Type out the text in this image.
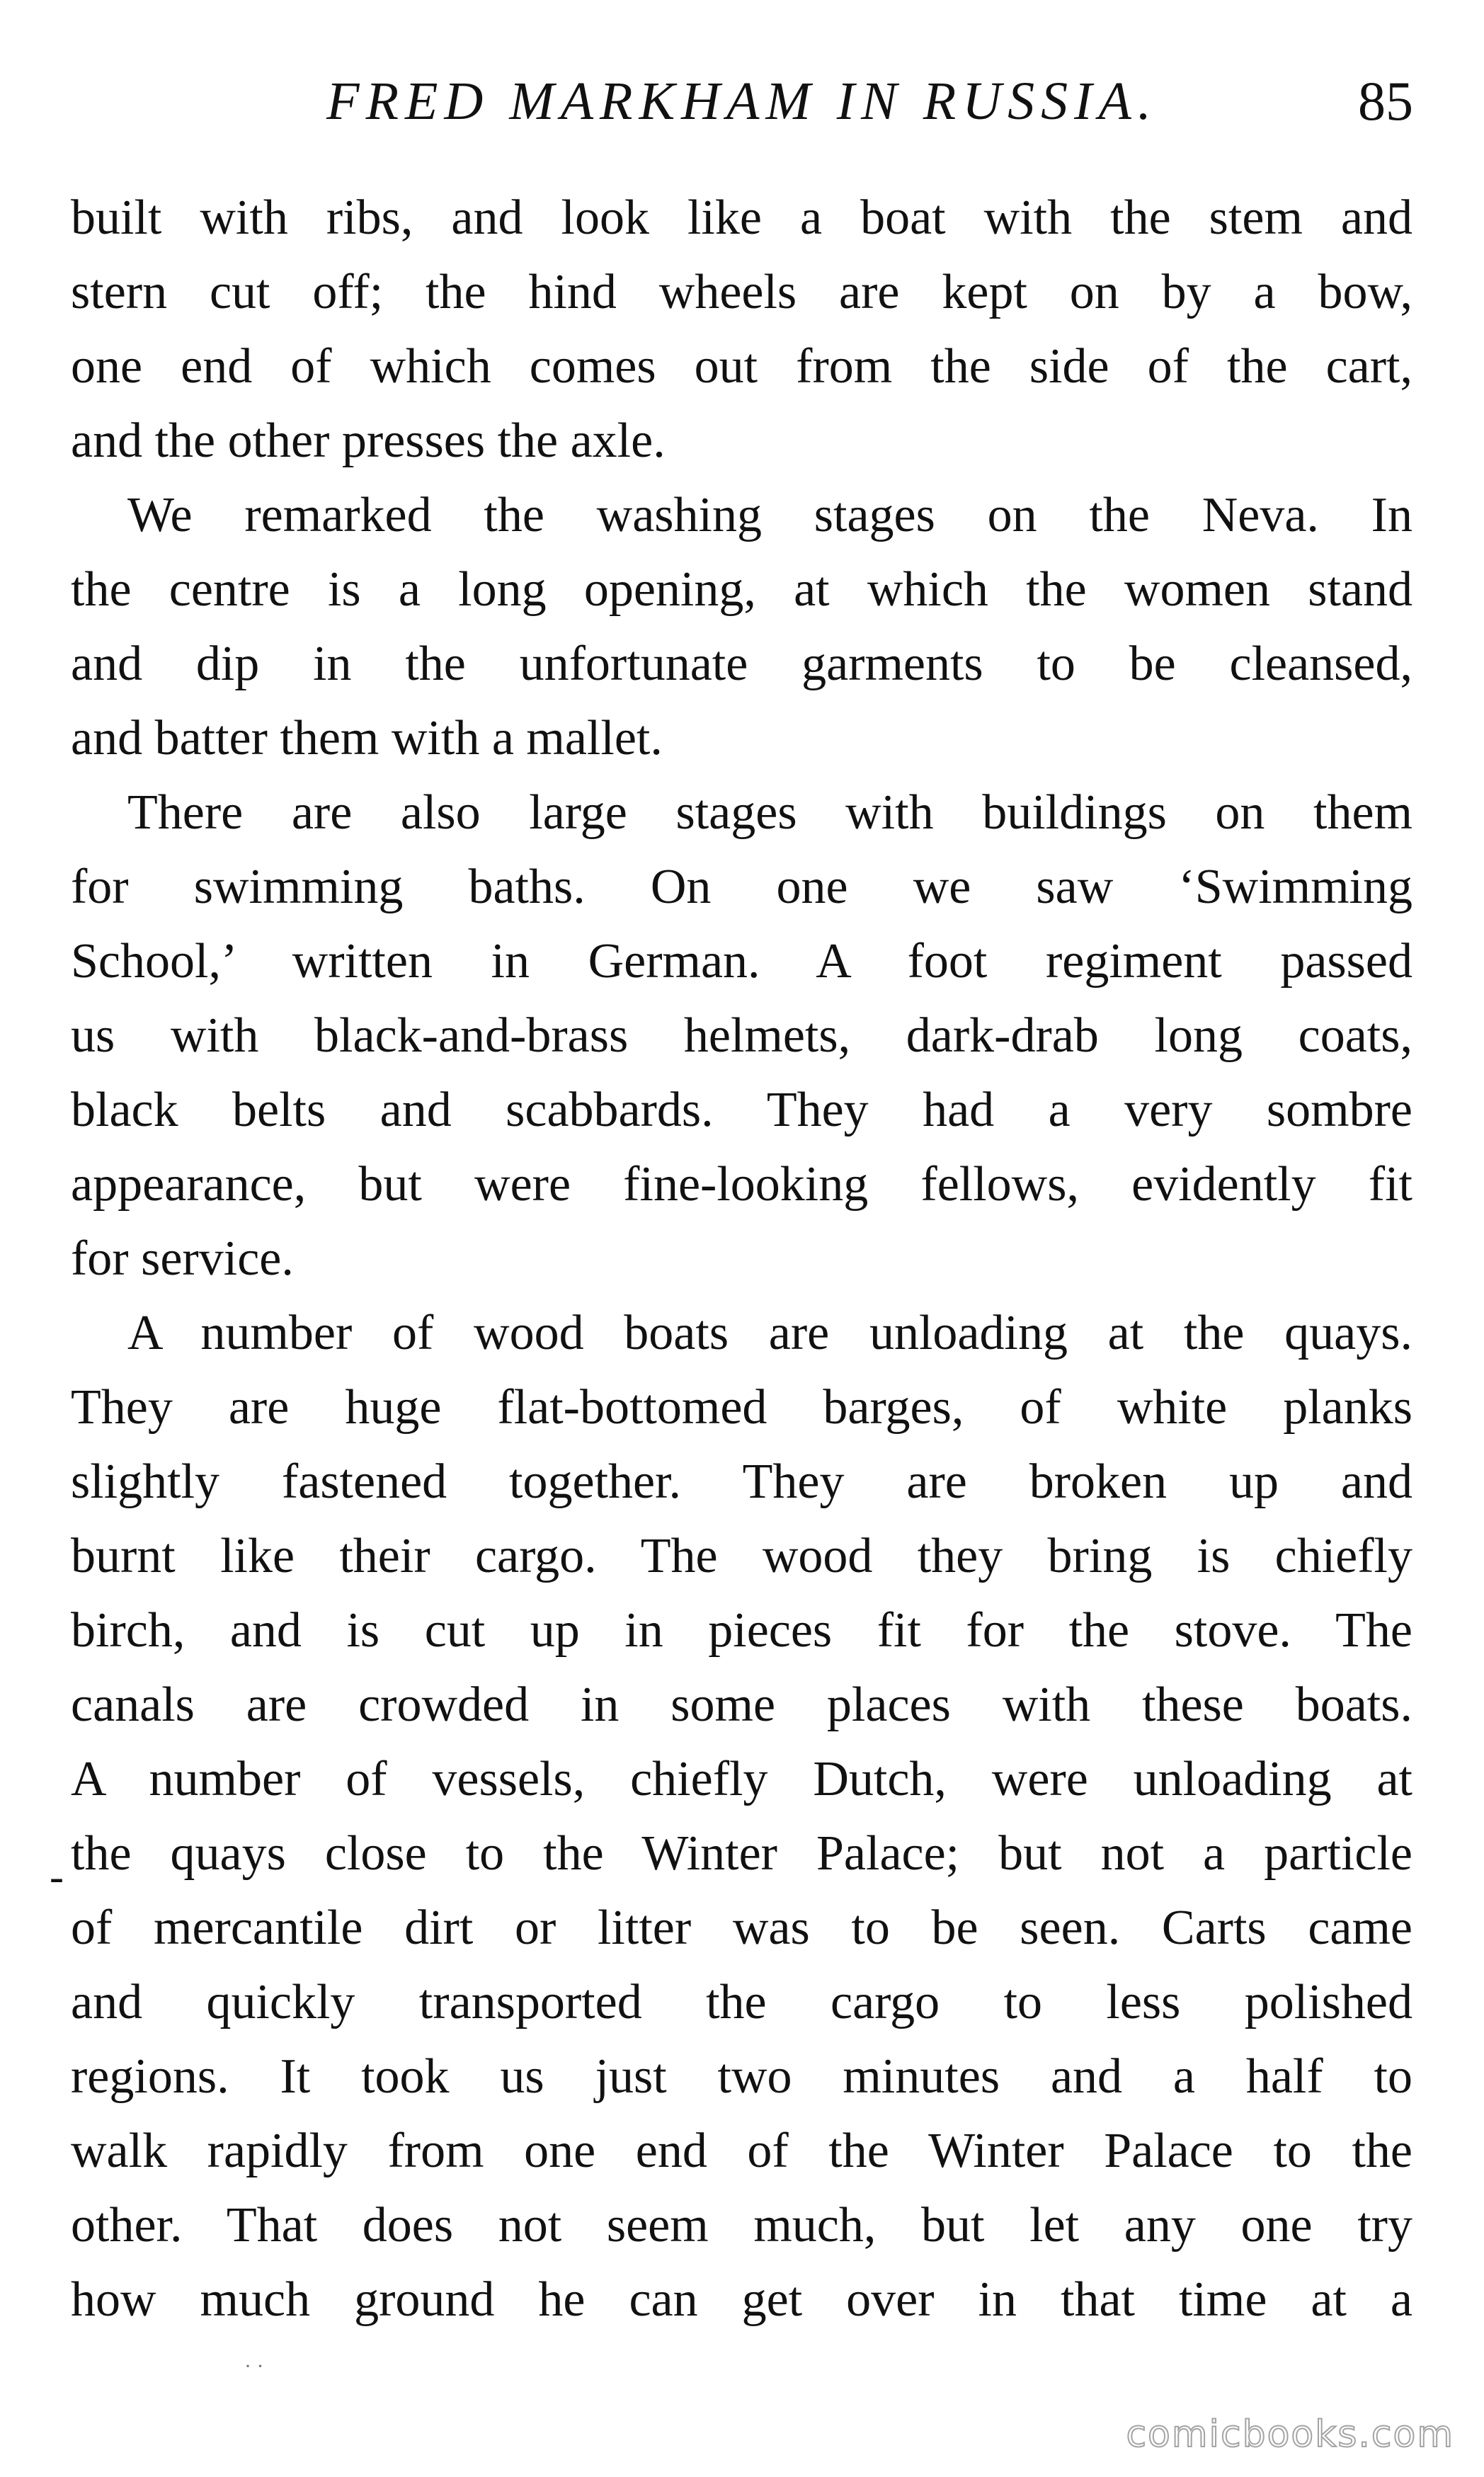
FRED MARKHAM IN RUSSIA.	85
built with ribs, and look like a boat with the stem and
stern cut off; the hind wheels are kept on by a bow,
one end of which comes out from the side of the cart,
and the other presses the axle.
We remarked the washing stages on the Neva. In
the centre is a long opening, at which the women stand
and dip in the unfortunate garments to be cleansed,
and batter them with a mallet.
There are also large stages with buildings on them
for swimming baths. On one we saw ‘Swimming
School,’ written in German. A foot regiment passed
us with black-and-brass helmets, dark-drab long coats,
black belts and scabbards. They had a very sombre
appearance, but were fine-looking fellows, evidently fit
for service.
A number of wood boats are unloading at the quays.
They are huge flat-bottomed barges, of white planks
slightly fastened together. They are broken up and
burnt like their cargo. The wood they bring is chiefly
birch, and is cut up in pieces fit for the stove. The
canals are crowded in some places with these boats.
A number of vessels, chiefly Dutch, were unloading at
the quays close to the Winter Palace; but not a particle
of mercantile dirt or litter was to be seen. Carts came
and quickly transported the cargo to less polished
regions. It took us just two minutes and a half to
walk rapidly from one end of the Winter Palace to the
other. That does not seem much, but let any one try
how much ground he can get over in that time at a
-
· ·
comicbooks.com
